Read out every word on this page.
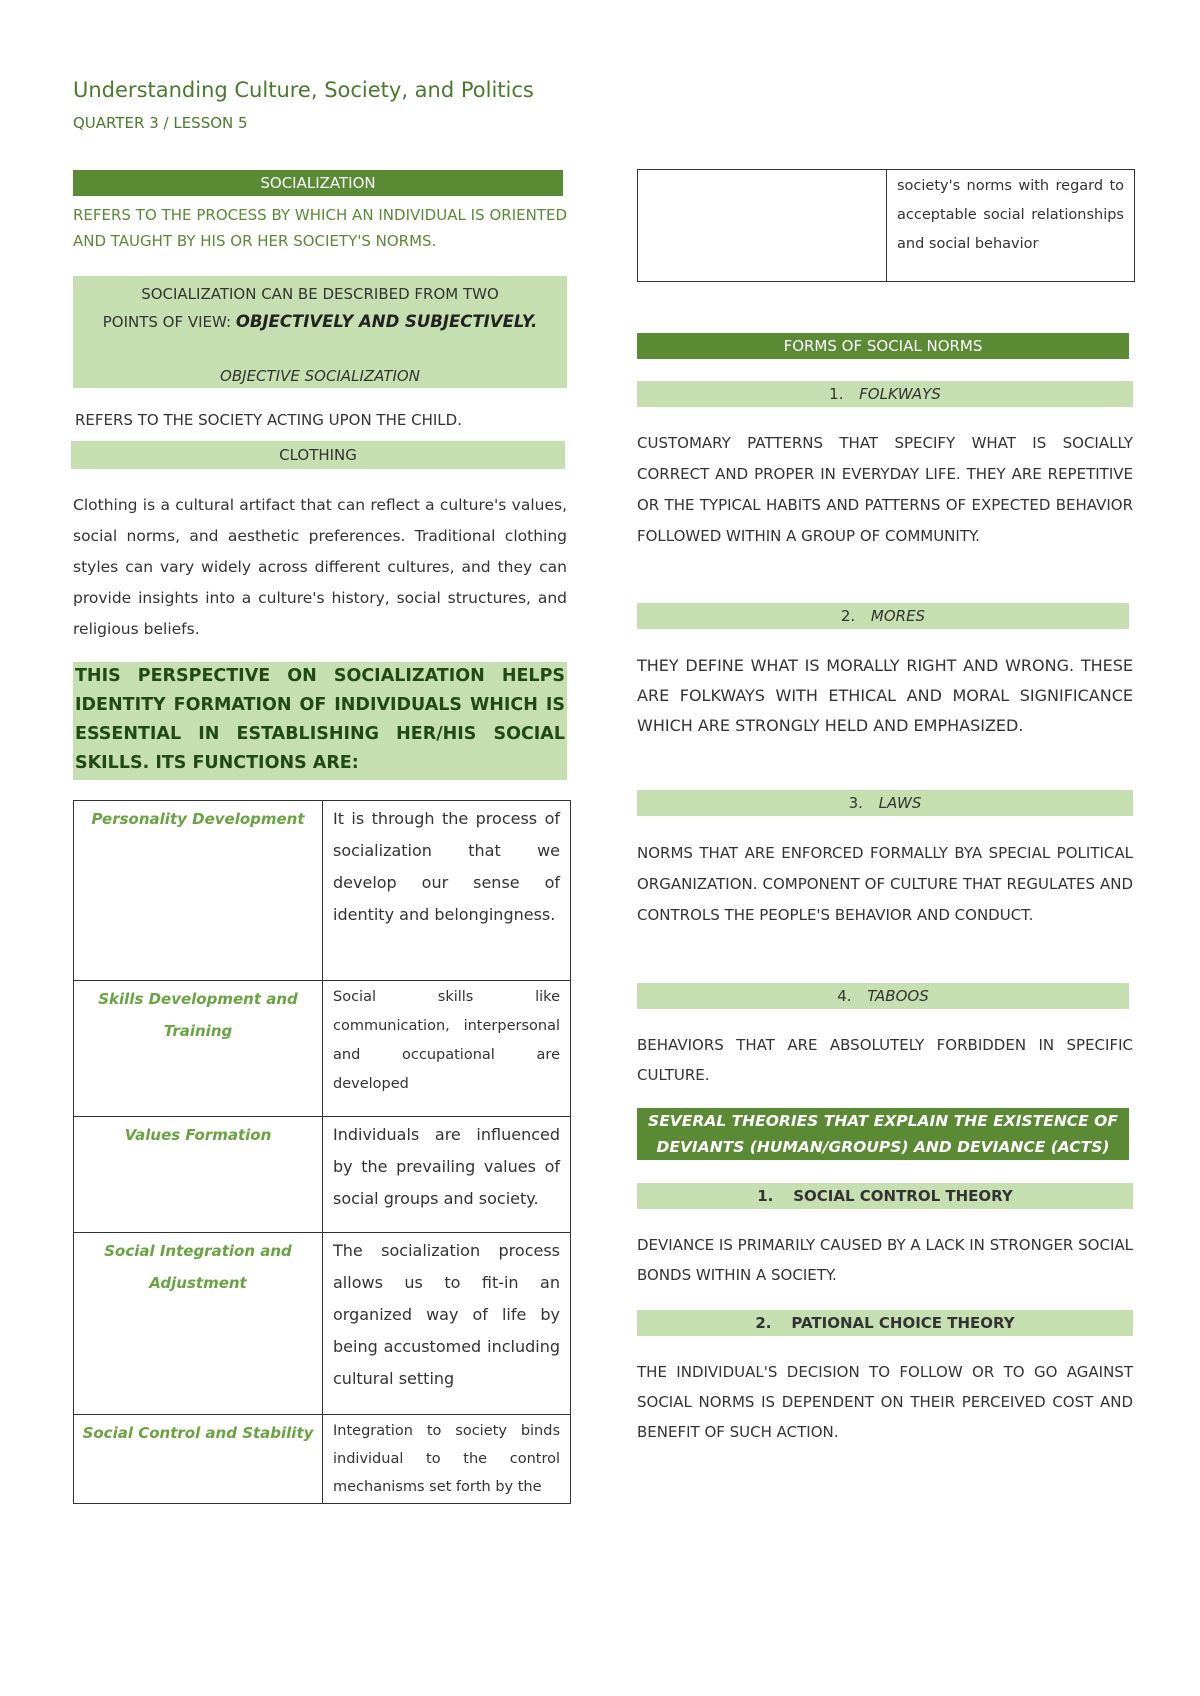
Understanding Culture, Society, and Politics
QUARTER 3 / LESSON 5
SOCIALIZATION
REFERS TO THE PROCESS BY WHICH AN INDIVIDUAL IS ORIENTED AND TAUGHT BY HIS OR HER SOCIETY'S NORMS.
SOCIALIZATION CAN BE DESCRIBED FROM TWO
POINTS OF VIEW: OBJECTIVELY AND SUBJECTIVELY.
OBJECTIVE SOCIALIZATION
REFERS TO THE SOCIETY ACTING UPON THE CHILD.
CLOTHING
Clothing is a cultural artifact that can reflect a culture's values, social norms, and aesthetic preferences. Traditional clothing styles can vary widely across different cultures, and they can provide insights into a culture's history, social structures, and religious beliefs.
THIS PERSPECTIVE ON SOCIALIZATION HELPS IDENTITY FORMATION OF INDIVIDUALS WHICH IS ESSENTIAL IN ESTABLISHING HER/HIS SOCIAL SKILLS. ITS FUNCTIONS ARE:
Personality Development	It is through the process of socialization that we develop our sense of identity and belongingness.
Skills Development and Training	Social skills like communication, interpersonal and occupational are developed
Values Formation	Individuals are influenced by the prevailing values of social groups and society.
Social Integration and Adjustment	The socialization process allows us to fit-in an organized way of life by being accustomed including cultural setting
Social Control and Stability	Integration to society binds individual to the control mechanisms set forth by the
	society's norms with regard to acceptable social relationships and social behavior
FORMS OF SOCIAL NORMS
1. FOLKWAYS
CUSTOMARY PATTERNS THAT SPECIFY WHAT IS SOCIALLY CORRECT AND PROPER IN EVERYDAY LIFE. THEY ARE REPETITIVE OR THE TYPICAL HABITS AND PATTERNS OF EXPECTED BEHAVIOR FOLLOWED WITHIN A GROUP OF COMMUNITY.
2. MORES
THEY DEFINE WHAT IS MORALLY RIGHT AND WRONG. THESE ARE FOLKWAYS WITH ETHICAL AND MORAL SIGNIFICANCE WHICH ARE STRONGLY HELD AND EMPHASIZED.
3. LAWS
NORMS THAT ARE ENFORCED FORMALLY BYA SPECIAL POLITICAL ORGANIZATION. COMPONENT OF CULTURE THAT REGULATES AND CONTROLS THE PEOPLE'S BEHAVIOR AND CONDUCT.
4. TABOOS
BEHAVIORS THAT ARE ABSOLUTELY FORBIDDEN IN SPECIFIC CULTURE.
SEVERAL THEORIES THAT EXPLAIN THE EXISTENCE OF DEVIANTS (HUMAN/GROUPS) AND DEVIANCE (ACTS)
1. SOCIAL CONTROL THEORY
DEVIANCE IS PRIMARILY CAUSED BY A LACK IN STRONGER SOCIAL BONDS WITHIN A SOCIETY.
2. PATIONAL CHOICE THEORY
THE INDIVIDUAL'S DECISION TO FOLLOW OR TO GO AGAINST SOCIAL NORMS IS DEPENDENT ON THEIR PERCEIVED COST AND BENEFIT OF SUCH ACTION.
